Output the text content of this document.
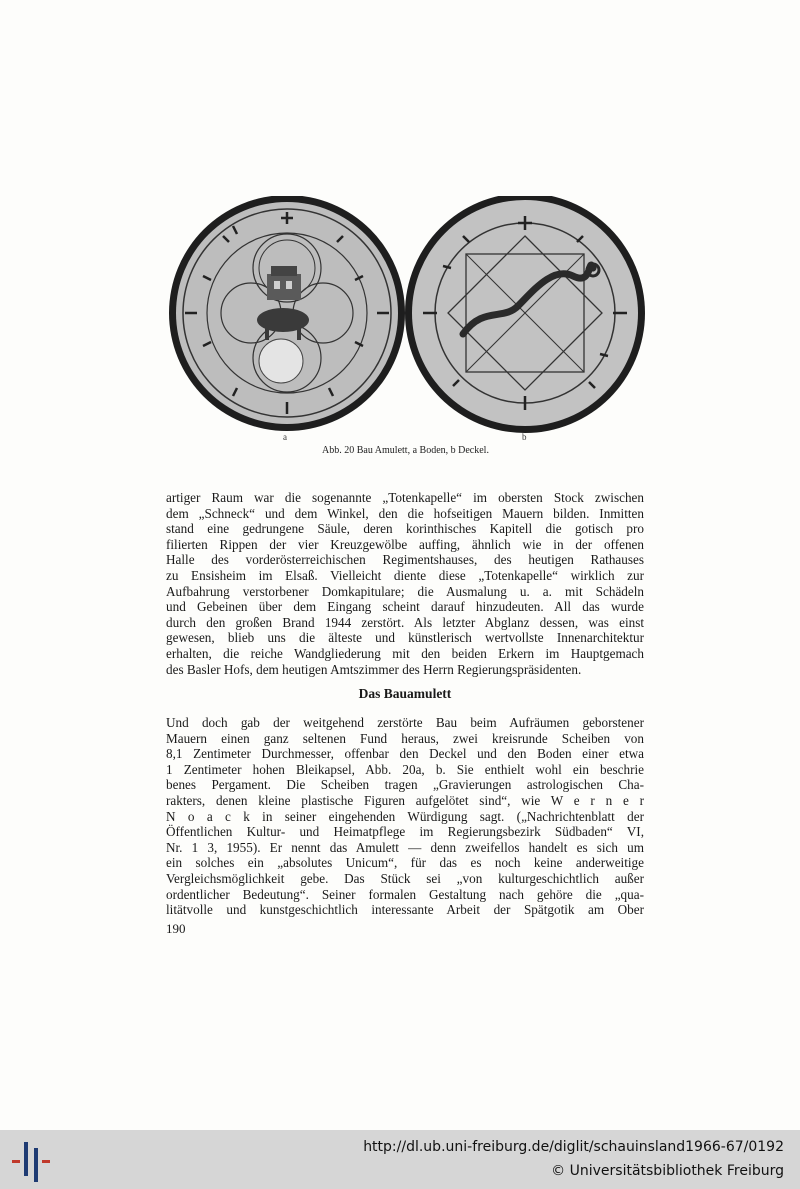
a	b
Abb. 20 Bau Amulett, a Boden, b Deckel.
artiger Raum war die sogenannte „Totenkapelle“ im obersten Stock zwischen
dem „Schneck“ und dem Winkel, den die hofseitigen Mauern bilden. Inmitten
stand eine gedrungene Säule, deren korinthisches Kapitell die gotisch pro
filierten Rippen der vier Kreuzgewölbe auffing, ähnlich wie in der offenen
Halle des vorderösterreichischen Regimentshauses, des heutigen Rathauses
zu Ensisheim im Elsaß. Vielleicht diente diese „Totenkapelle“ wirklich zur
Aufbahrung verstorbener Domkapitulare; die Ausmalung u. a. mit Schädeln
und Gebeinen über dem Eingang scheint darauf hinzudeuten. All das wurde
durch den großen Brand 1944 zerstört. Als letzter Abglanz dessen, was einst
gewesen, blieb uns die älteste und künstlerisch wertvollste Innenarchitektur
erhalten, die reiche Wandgliederung mit den beiden Erkern im Hauptgemach
des Basler Hofs, dem heutigen Amtszimmer des Herrn Regierungspräsidenten.
Das Bauamulett
Und doch gab der weitgehend zerstörte Bau beim Aufräumen geborstener
Mauern einen ganz seltenen Fund heraus, zwei kreisrunde Scheiben von
8,1 Zentimeter Durchmesser, offenbar den Deckel und den Boden einer etwa
1 Zentimeter hohen Bleikapsel, Abb. 20a, b. Sie enthielt wohl ein beschrie
benes Pergament. Die Scheiben tragen „Gravierungen astrologischen Cha-
rakters, denen kleine plastische Figuren aufgelötet sind“, wie W e r n e r
N o a c k in seiner eingehenden Würdigung sagt. („Nachrichtenblatt der
Öffentlichen Kultur- und Heimatpflege im Regierungsbezirk Südbaden“ VI,
Nr. 1 3, 1955). Er nennt das Amulett — denn zweifellos handelt es sich um
ein solches ein „absolutes Unicum“, für das es noch keine anderweitige
Vergleichsmöglichkeit gebe. Das Stück sei „von kulturgeschichtlich außer
ordentlicher Bedeutung“. Seiner formalen Gestaltung nach gehöre die „qua-
litätvolle und kunstgeschichtlich interessante Arbeit der Spätgotik am Ober
190
http://dl.ub.uni-freiburg.de/diglit/schauinsland1966-67/0192
© Universitätsbibliothek Freiburg
